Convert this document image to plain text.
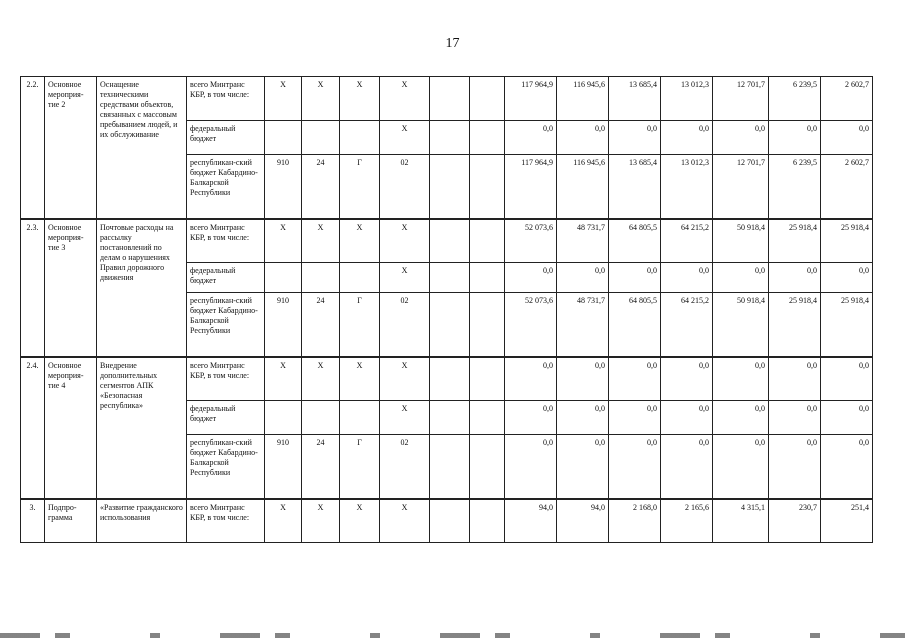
17
2.2.	Основное мероприя-тие 2	Оснащение техническими средствами объектов, связанных с массовым пребыванием людей, и их обслуживание	всего Минтранс КБР, в том числе:	Х	Х	Х	Х			117 964,9	116 945,6	13 685,4	13 012,3	12 701,7	6 239,5	2 602,7
			федеральный бюджет				Х			0,0	0,0	0,0	0,0	0,0	0,0	0,0
			республикан-ский бюджет Кабардино-Балкарской Республики	910	24	Г	02			117 964,9	116 945,6	13 685,4	13 012,3	12 701,7	6 239,5	2 602,7
2.3.	Основное мероприя-тие 3	Почтовые расходы на рассылку постановлений по делам о нарушениях Правил дорожного движения	всего Минтранс КБР, в том числе:	Х	Х	Х	Х			52 073,6	48 731,7	64 805,5	64 215,2	50 918,4	25 918,4	25 918,4
			федеральный бюджет				Х			0,0	0,0	0,0	0,0	0,0	0,0	0,0
			республикан-ский бюджет Кабардино-Балкарской Республики	910	24	Г	02			52 073,6	48 731,7	64 805,5	64 215,2	50 918,4	25 918,4	25 918,4
2.4.	Основное мероприя-тие 4	Внедрение дополнительных сегментов АПК «Безопасная республика»	всего Минтранс КБР, в том числе:	Х	Х	Х	Х			0,0	0,0	0,0	0,0	0,0	0,0	0,0
			федеральный бюджет				Х			0,0	0,0	0,0	0,0	0,0	0,0	0,0
			республикан-ский бюджет Кабардино-Балкарской Республики	910	24	Г	02			0,0	0,0	0,0	0,0	0,0	0,0	0,0
3.	Подпро-грамма	«Развитие гражданского использования	всего Минтранс КБР, в том числе:	Х	Х	Х	Х			94,0	94,0	2 168,0	2 165,6	4 315,1	230,7	251,4
